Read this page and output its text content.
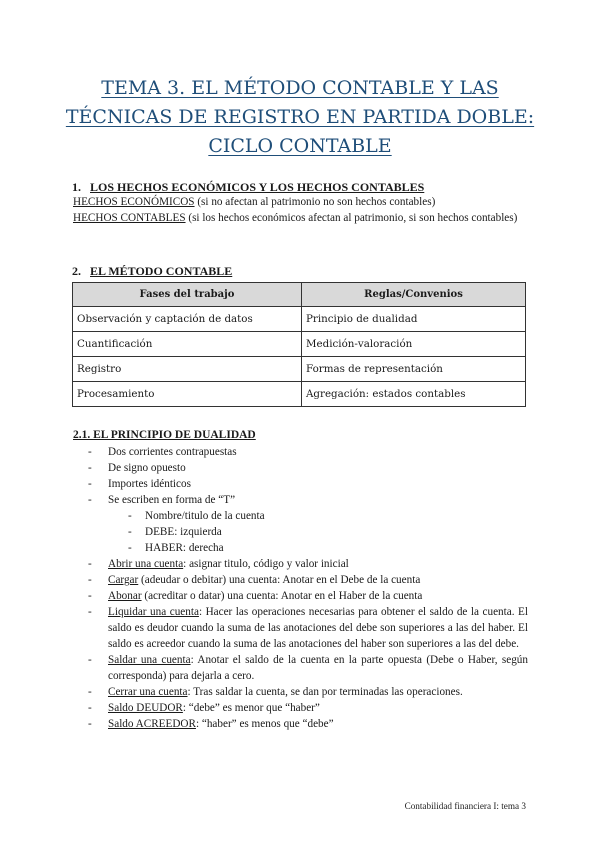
TEMA 3. EL MÉTODO CONTABLE Y LAS
TÉCNICAS DE REGISTRO EN PARTIDA DOBLE:
CICLO CONTABLE
1. LOS HECHOS ECONÓMICOS Y LOS HECHOS CONTABLES
HECHOS ECONÓMICOS (si no afectan al patrimonio no son hechos contables)
HECHOS CONTABLES (si los hechos económicos afectan al patrimonio, si son hechos contables)
2. EL MÉTODO CONTABLE
Fases del trabajo	Reglas/Convenios
Observación y captación de datos	Principio de dualidad
Cuantificación	Medición-valoración
Registro	Formas de representación
Procesamiento	Agregación: estados contables
2.1. EL PRINCIPIO DE DUALIDAD
- Dos corrientes contrapuestas
- De signo opuesto
- Importes idénticos
- Se escriben en forma de “T”
- Nombre/titulo de la cuenta
- DEBE: izquierda
- HABER: derecha
- Abrir una cuenta: asignar titulo, código y valor inicial
- Cargar (adeudar o debitar) una cuenta: Anotar en el Debe de la cuenta
- Abonar (acreditar o datar) una cuenta: Anotar en el Haber de la cuenta
- Liquidar una cuenta: Hacer las operaciones necesarias para obtener el saldo de la cuenta. El saldo es deudor cuando la suma de las anotaciones del debe son superiores a las del haber. El saldo es acreedor cuando la suma de las anotaciones del haber son superiores a las del debe.
- Saldar una cuenta: Anotar el saldo de la cuenta en la parte opuesta (Debe o Haber, según corresponda) para dejarla a cero.
- Cerrar una cuenta: Tras saldar la cuenta, se dan por terminadas las operaciones.
- Saldo DEUDOR: “debe” es menor que “haber”
- Saldo ACREEDOR: “haber” es menos que “debe”
Contabilidad financiera I: tema 3
